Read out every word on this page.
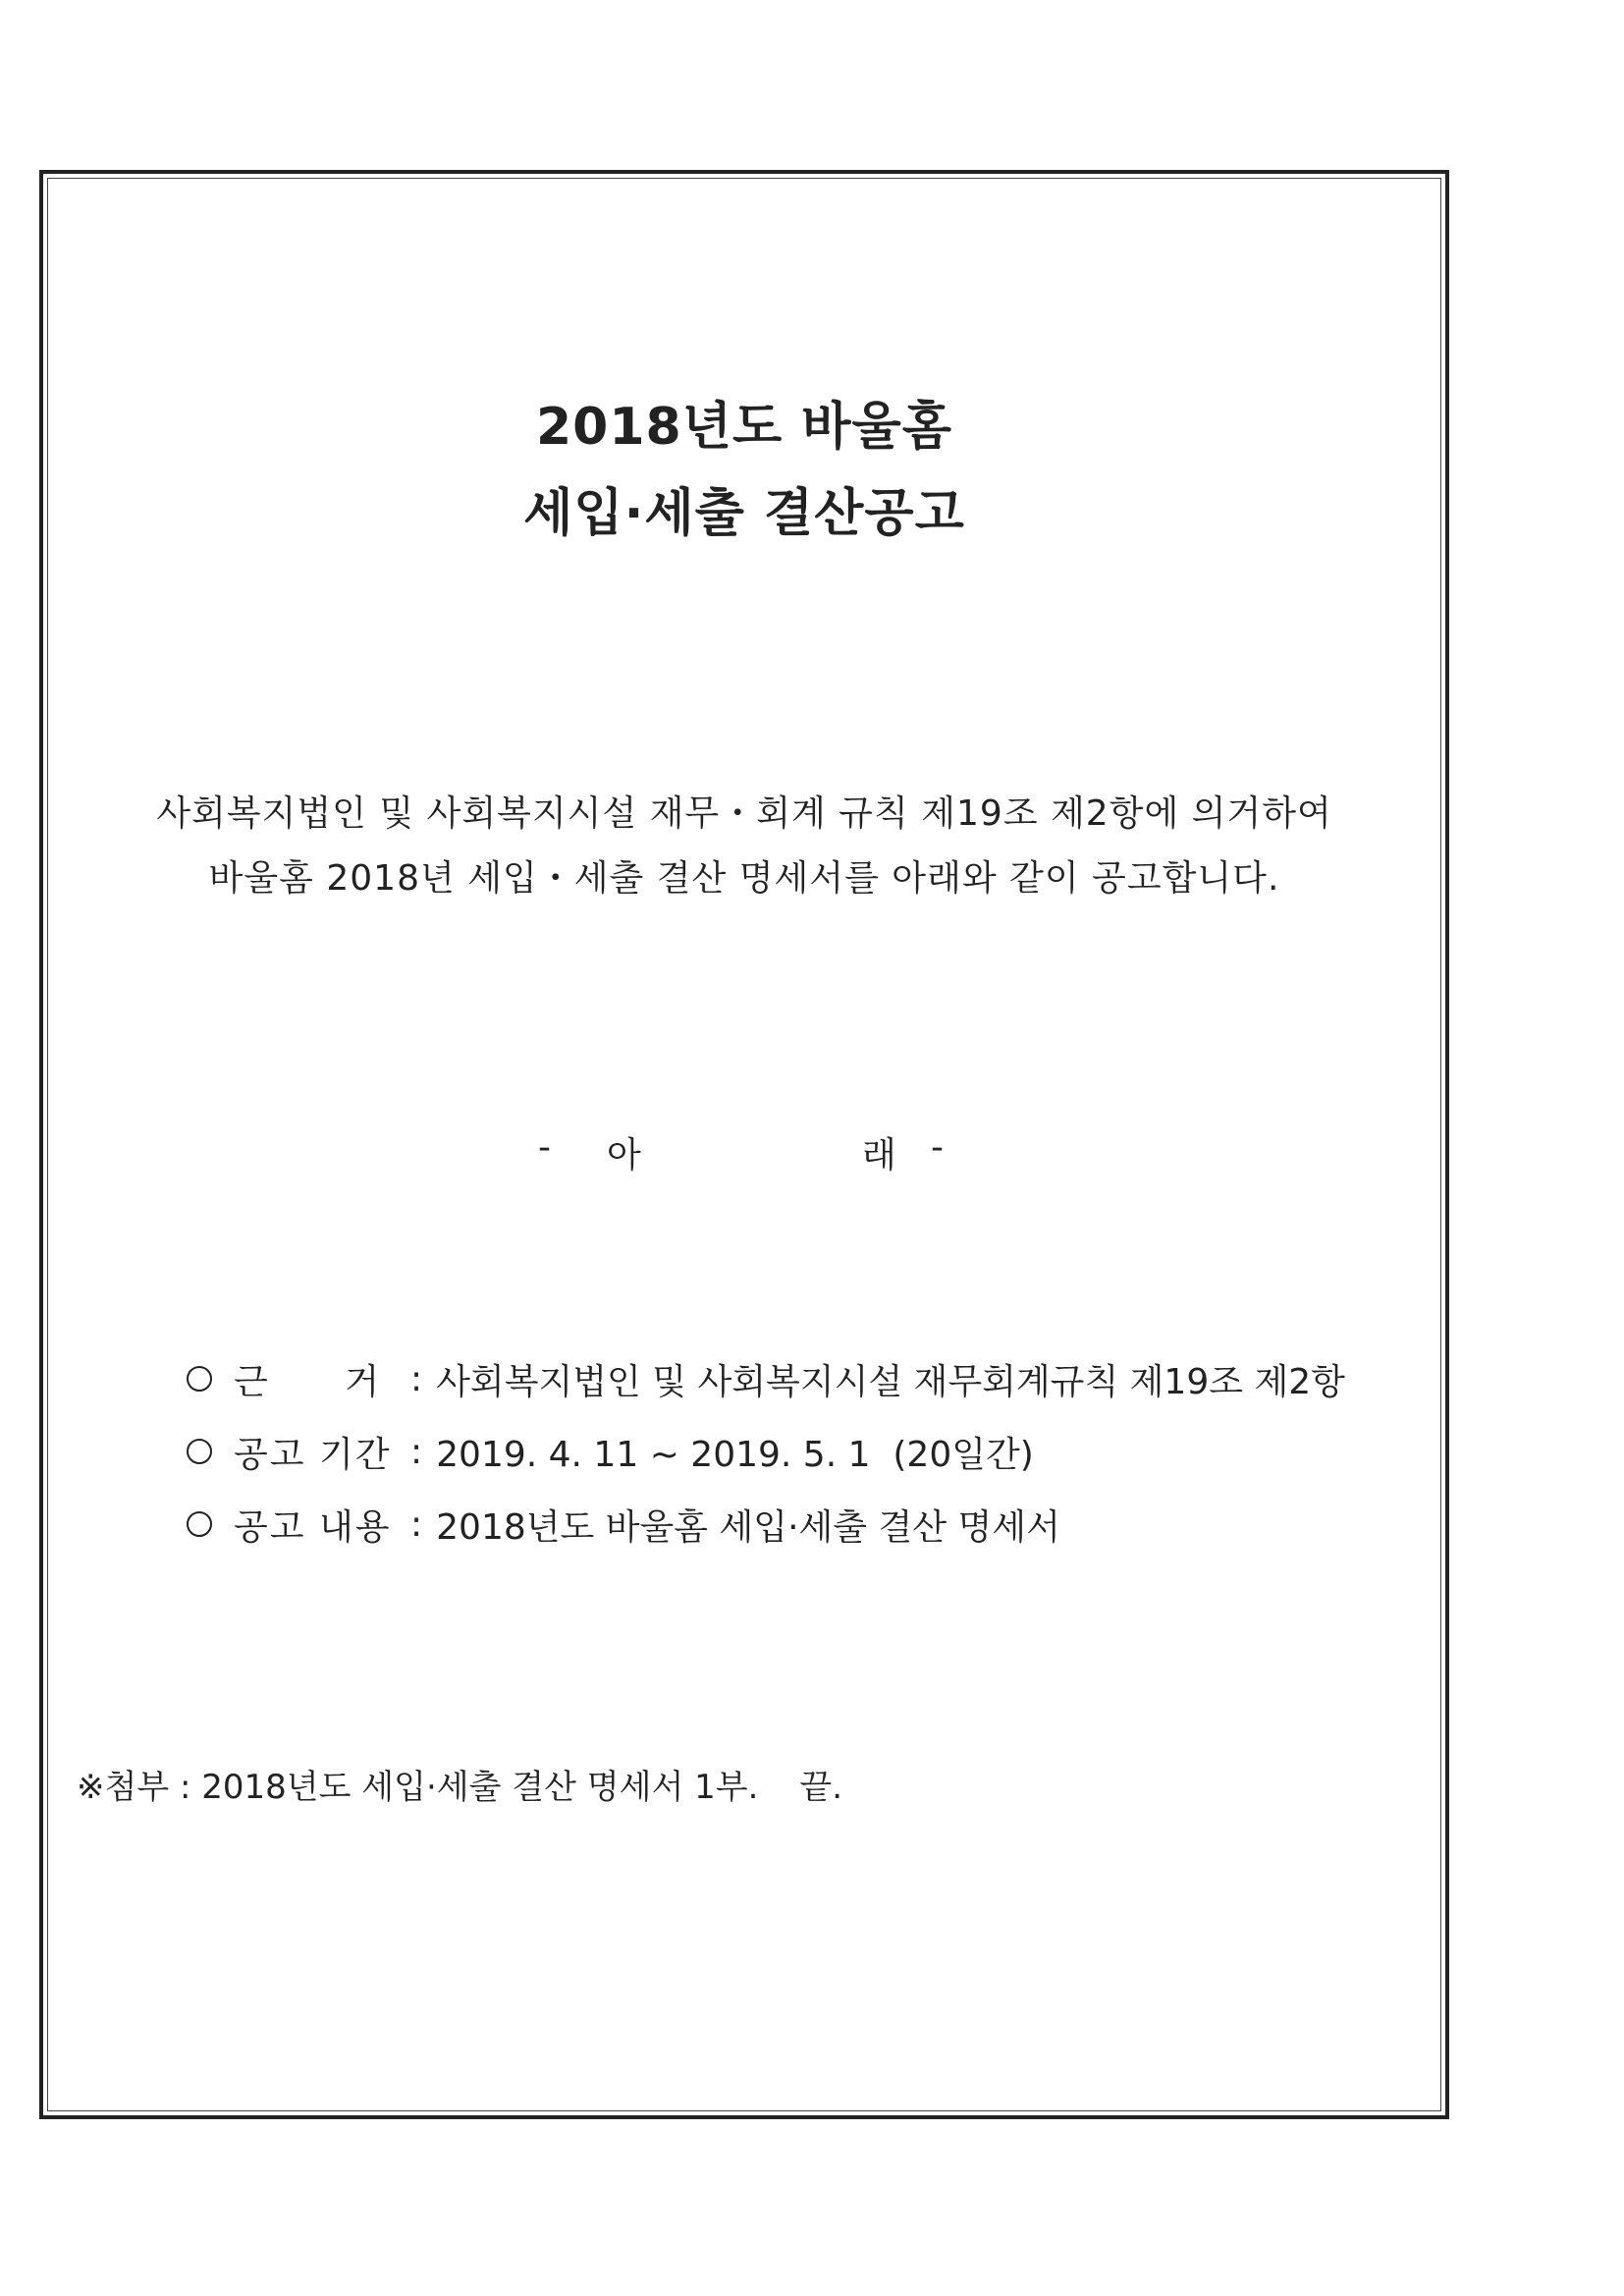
2018년도 바울홈
세입·세출 결산공고
사회복지법인 및 사회복지시설 재무・회계 규칙 제19조 제2항에 의거하여
바울홈 2018년 세입・세출 결산 명세서를 아래와 같이 공고합니다.
- 아	래 -
근 거 : 사회복지법인 및 사회복지시설 재무회계규칙 제19조 제2항
공고 기간 : 2019. 4. 11 ~ 2019. 5. 1  (20일간)
공고 내용 : 2018년도 바울홈 세입·세출 결산 명세서
※첨부 : 2018년도 세입·세출 결산 명세서 1부. 끝.
